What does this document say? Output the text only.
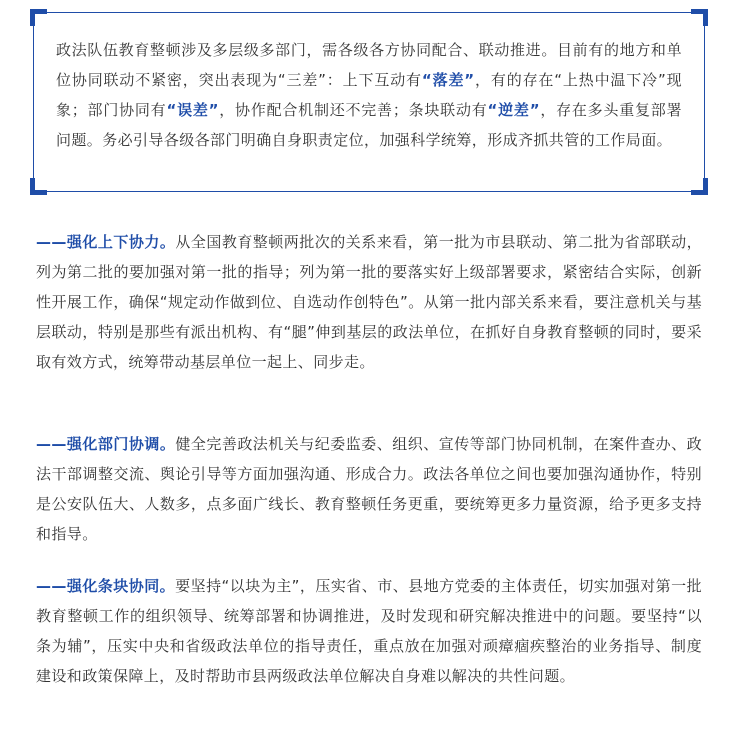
政法队伍教育整顿涉及多层级多部门，需各级各方协同配合、联动推进。目前有的地方和单位协同联动不紧密，突出表现为“三差”：上下互动有“落差”，有的存在“上热中温下冷”现象；部门协同有“误差”，协作配合机制还不完善；条块联动有“逆差”，存在多头重复部署问题。务必引导各级各部门明确自身职责定位，加强科学统筹，形成齐抓共管的工作局面。

——强化上下协力。从全国教育整顿两批次的关系来看，第一批为市县联动、第二批为省部联动，列为第二批的要加强对第一批的指导；列为第一批的要落实好上级部署要求，紧密结合实际，创新性开展工作，确保“规定动作做到位、自选动作创特色”。从第一批内部关系来看，要注意机关与基层联动，特别是那些有派出机构、有“腿”伸到基层的政法单位，在抓好自身教育整顿的同时，要采取有效方式，统筹带动基层单位一起上、同步走。

——强化部门协调。健全完善政法机关与纪委监委、组织、宣传等部门协同机制，在案件查办、政法干部调整交流、舆论引导等方面加强沟通、形成合力。政法各单位之间也要加强沟通协作，特别是公安队伍大、人数多，点多面广线长、教育整顿任务更重，要统筹更多力量资源，给予更多支持和指导。

——强化条块协同。要坚持“以块为主”，压实省、市、县地方党委的主体责任，切实加强对第一批教育整顿工作的组织领导、统筹部署和协调推进，及时发现和研究解决推进中的问题。要坚持“以条为辅”，压实中央和省级政法单位的指导责任，重点放在加强对顽瘴痼疾整治的业务指导、制度建设和政策保障上，及时帮助市县两级政法单位解决自身难以解决的共性问题。
